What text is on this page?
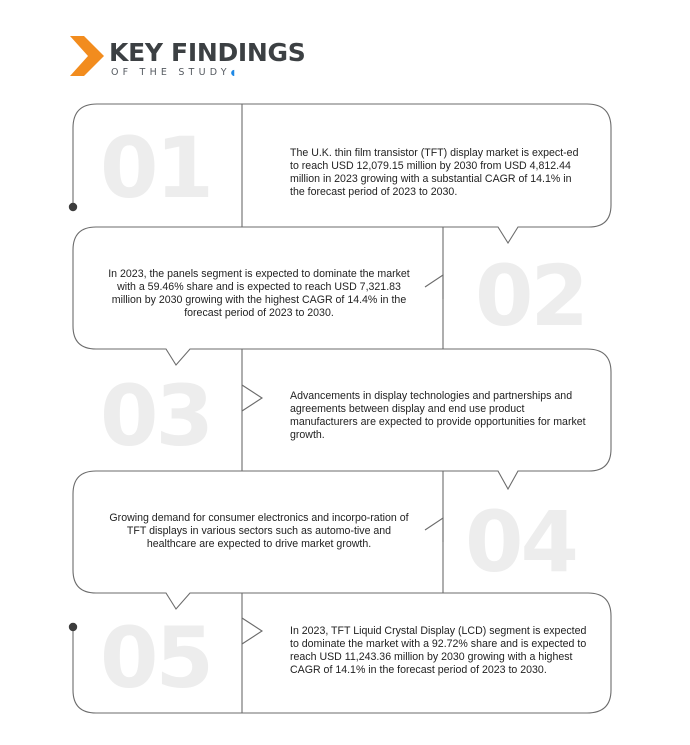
KEY FINDINGS
OF THE STUDY◖
01
02
03
04
05
The U.K. thin film transistor (TFT) display market is expect-ed to reach USD 12,079.15 million by 2030 from USD 4,812.44 million in 2023 growing with a substantial CAGR of 14.1% in the forecast period of 2023 to 2030.
In 2023, the panels segment is expected to dominate the market with a 59.46% share and is expected to reach USD 7,321.83 million by 2030 growing with the highest CAGR of 14.4% in the forecast period of 2023 to 2030.
Advancements in display technologies and partnerships and agreements between display and end use product manufacturers are expected to provide opportunities for market growth.
Growing demand for consumer electronics and incorpo-ration of TFT displays in various sectors such as automo-tive and healthcare are expected to drive market growth.
In 2023, TFT Liquid Crystal Display (LCD) segment is expected to dominate the market with a 92.72% share and is expected to reach USD 11,243.36 million by 2030 growing with a highest CAGR of 14.1% in the forecast period of 2023 to 2030.
